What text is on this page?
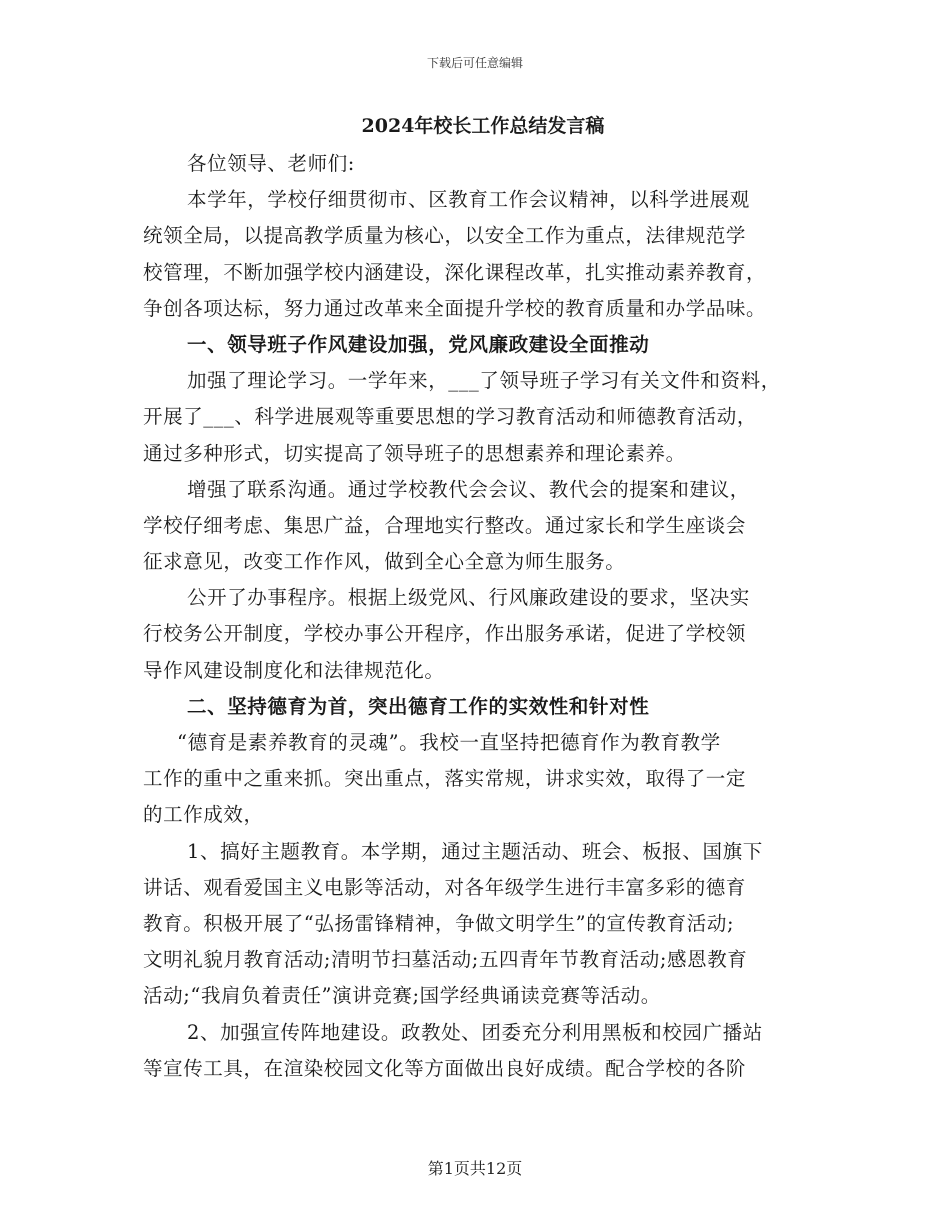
下载后可任意编辑
2024年校长工作总结发言稿
各位领导、老师们:
本学年，学校仔细贯彻市、区教育工作会议精神，以科学进展观
统领全局，以提高教学质量为核心，以安全工作为重点，法律规范学
校管理，不断加强学校内涵建设，深化课程改革，扎实推动素养教育，
争创各项达标，努力通过改革来全面提升学校的教育质量和办学品味。
一、领导班子作风建设加强，党风廉政建设全面推动
加强了理论学习。一学年来，___了领导班子学习有关文件和资料，
开展了___、科学进展观等重要思想的学习教育活动和师德教育活动，
通过多种形式，切实提高了领导班子的思想素养和理论素养。
增强了联系沟通。通过学校教代会会议、教代会的提案和建议，
学校仔细考虑、集思广益，合理地实行整改。通过家长和学生座谈会
征求意见，改变工作作风，做到全心全意为师生服务。
公开了办事程序。根据上级党风、行风廉政建设的要求，坚决实
行校务公开制度，学校办事公开程序，作出服务承诺，促进了学校领
导作风建设制度化和法律规范化。
二、坚持德育为首，突出德育工作的实效性和针对性
“德育是素养教育的灵魂”。我校一直坚持把德育作为教育教学
工作的重中之重来抓。突出重点，落实常规，讲求实效，取得了一定
的工作成效，
1、搞好主题教育。本学期，通过主题活动、班会、板报、国旗下
讲话、观看爱国主义电影等活动，对各年级学生进行丰富多彩的德育
教育。积极开展了“弘扬雷锋精神，争做文明学生”的宣传教育活动;
文明礼貌月教育活动;清明节扫墓活动;五四青年节教育活动;感恩教育
活动;“我肩负着责任”演讲竞赛;国学经典诵读竞赛等活动。
2、加强宣传阵地建设。政教处、团委充分利用黑板和校园广播站
等宣传工具，在渲染校园文化等方面做出良好成绩。配合学校的各阶
第1页共12页
